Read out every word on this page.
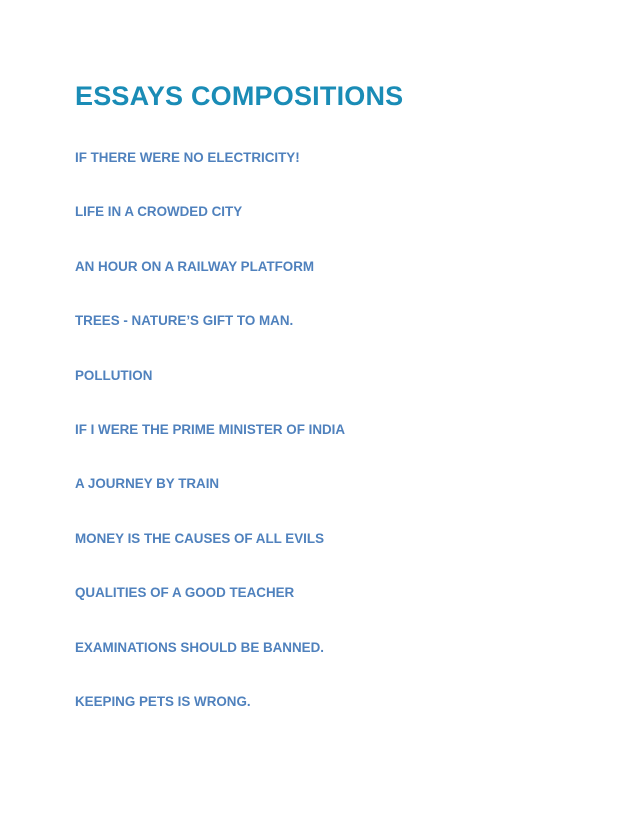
ESSAYS COMPOSITIONS
IF THERE WERE NO ELECTRICITY!
LIFE IN A CROWDED CITY
AN HOUR ON A RAILWAY PLATFORM
TREES - NATURE’S GIFT TO MAN.
POLLUTION
IF I WERE THE PRIME MINISTER OF INDIA
A JOURNEY BY TRAIN
MONEY IS THE CAUSES OF ALL EVILS
QUALITIES OF A GOOD TEACHER
EXAMINATIONS SHOULD BE BANNED.
KEEPING PETS IS WRONG.
